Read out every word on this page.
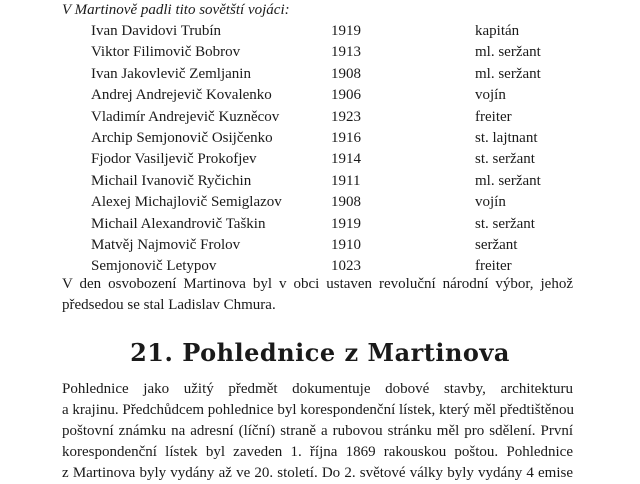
V Martinově padli tito sovětští vojáci:
Ivan Davidovi Trubín	1919	kapitán
Viktor Filimovič Bobrov	1913	ml. seržant
Ivan Jakovlevič Zemljanin	1908	ml. seržant
Andrej Andrejevič Kovalenko	1906	vojín
Vladimír Andrejevič Kuzněcov	1923	freiter
Archip Semjonovič Osijčenko	1916	st. lajtnant
Fjodor Vasiljevič Prokofjev	1914	st. seržant
Michail Ivanovič Ryčichin	1911	ml. seržant
Alexej Michajlovič Semiglazov	1908	vojín
Michail Alexandrovič Taškin	1919	st. seržant
Matvěj Najmovič Frolov	1910	seržant
Semjonovič Letypov	1023	freiter
V den osvobození Martinova byl v obci ustaven revoluční národní výbor, jehož
předsedou se stal Ladislav Chmura.
21. Pohlednice z Martinova
Pohlednice jako užitý předmět dokumentuje dobové stavby, architekturu
a krajinu. Předchůdcem pohlednice byl korespondenční lístek, který měl předtištěnou
poštovní známku na adresní (líční) straně a rubovou stránku měl pro sdělení. První
korespondenční lístek byl zaveden 1. října 1869 rakouskou poštou. Pohlednice
z Martinova byly vydány až ve 20. století. Do 2. světové války byly vydány 4 emise
